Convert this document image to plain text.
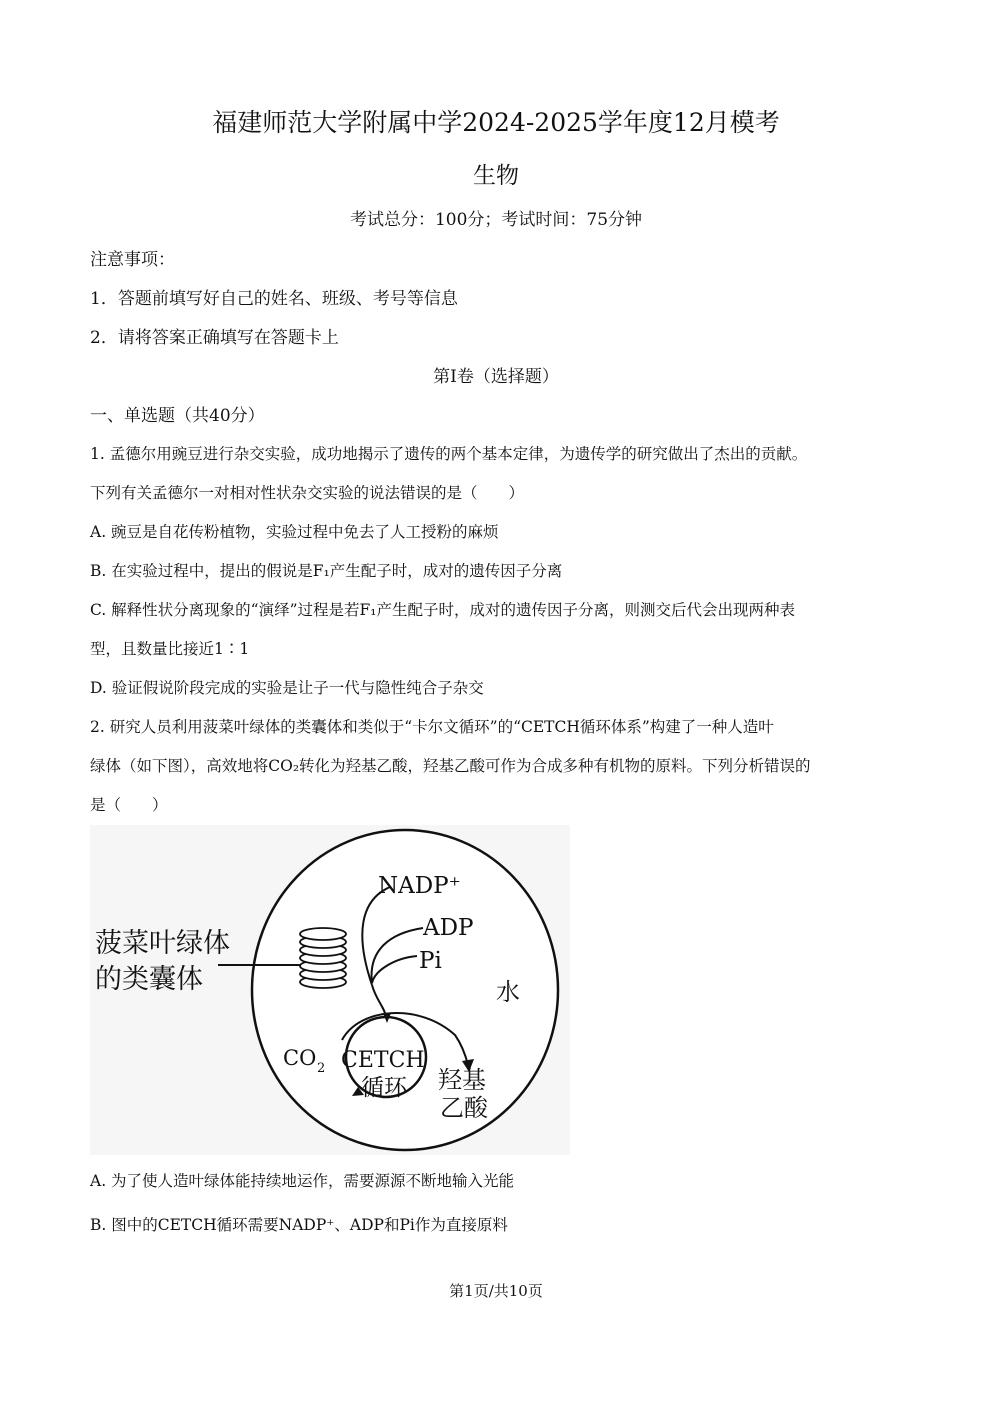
福建师范大学附属中学2024-2025学年度12月模考
生物
考试总分：100分；考试时间：75分钟
注意事项：
1．答题前填写好自己的姓名、班级、考号等信息
2．请将答案正确填写在答题卡上
第I卷（选择题）
一、单选题（共40分）
1. 孟德尔用豌豆进行杂交实验，成功地揭示了遗传的两个基本定律，为遗传学的研究做出了杰出的贡献。
下列有关孟德尔一对相对性状杂交实验的说法错误的是（　　）
A. 豌豆是自花传粉植物，实验过程中免去了人工授粉的麻烦
B. 在实验过程中，提出的假说是F₁产生配子时，成对的遗传因子分离
C. 解释性状分离现象的“演绎”过程是若F₁产生配子时，成对的遗传因子分离，则测交后代会出现两种表
型，且数量比接近1∶1
D. 验证假说阶段完成的实验是让子一代与隐性纯合子杂交
2. 研究人员利用菠菜叶绿体的类囊体和类似于“卡尔文循环”的“CETCH循环体系”构建了一种人造叶
绿体（如下图），高效地将CO₂转化为羟基乙酸，羟基乙酸可作为合成多种有机物的原料。下列分析错误的
是（　　）
菠菜叶绿体
的类囊体
NADP⁺
ADP
Pi
水
CO 2 CETCH
循环 羟基
乙酸
A. 为了使人造叶绿体能持续地运作，需要源源不断地输入光能
B. 图中的CETCH循环需要NADP⁺、ADP和Pi作为直接原料
第1页/共10页
